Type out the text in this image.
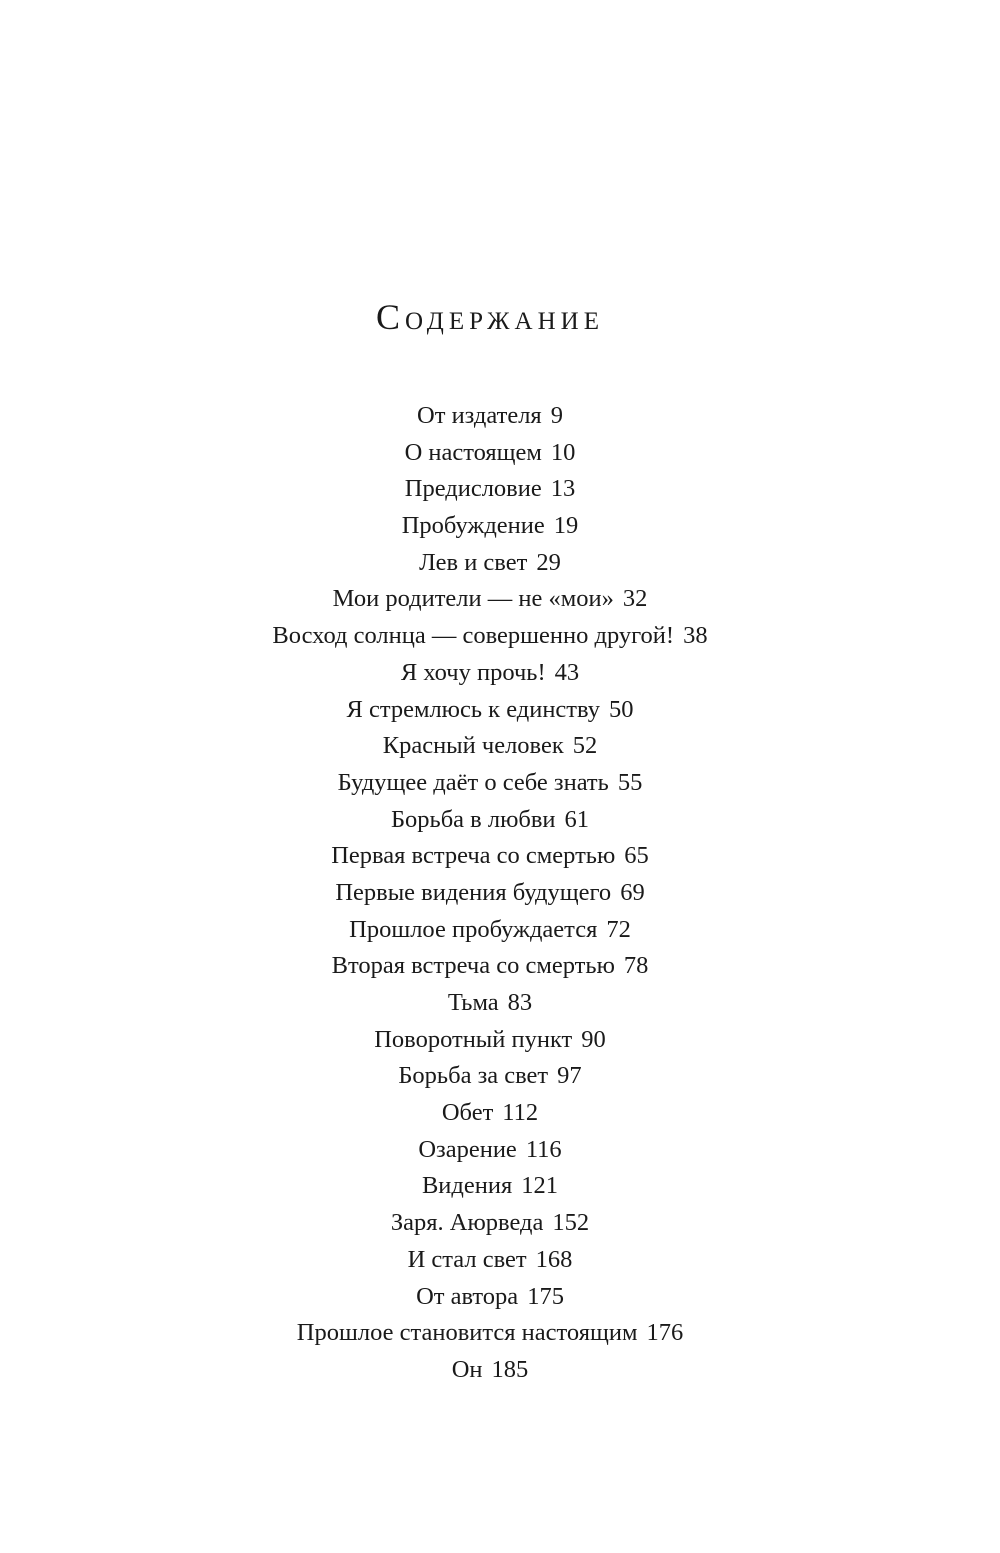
Содержание
От издателя 9
О настоящем 10
Предисловие 13
Пробуждение 19
Лев и свет 29
Мои родители — не «мои» 32
Восход солнца — совершенно другой! 38
Я хочу прочь! 43
Я стремлюсь к единству 50
Красный человек 52
Будущее даёт о себе знать 55
Борьба в любви 61
Первая встреча со смертью 65
Первые видения будущего 69
Прошлое пробуждается 72
Вторая встреча со смертью 78
Тьма 83
Поворотный пункт 90
Борьба за свет 97
Обет 112
Озарение 116
Видения 121
Заря. Аюрведа 152
И стал свет 168
От автора 175
Прошлое становится настоящим 176
Он 185
